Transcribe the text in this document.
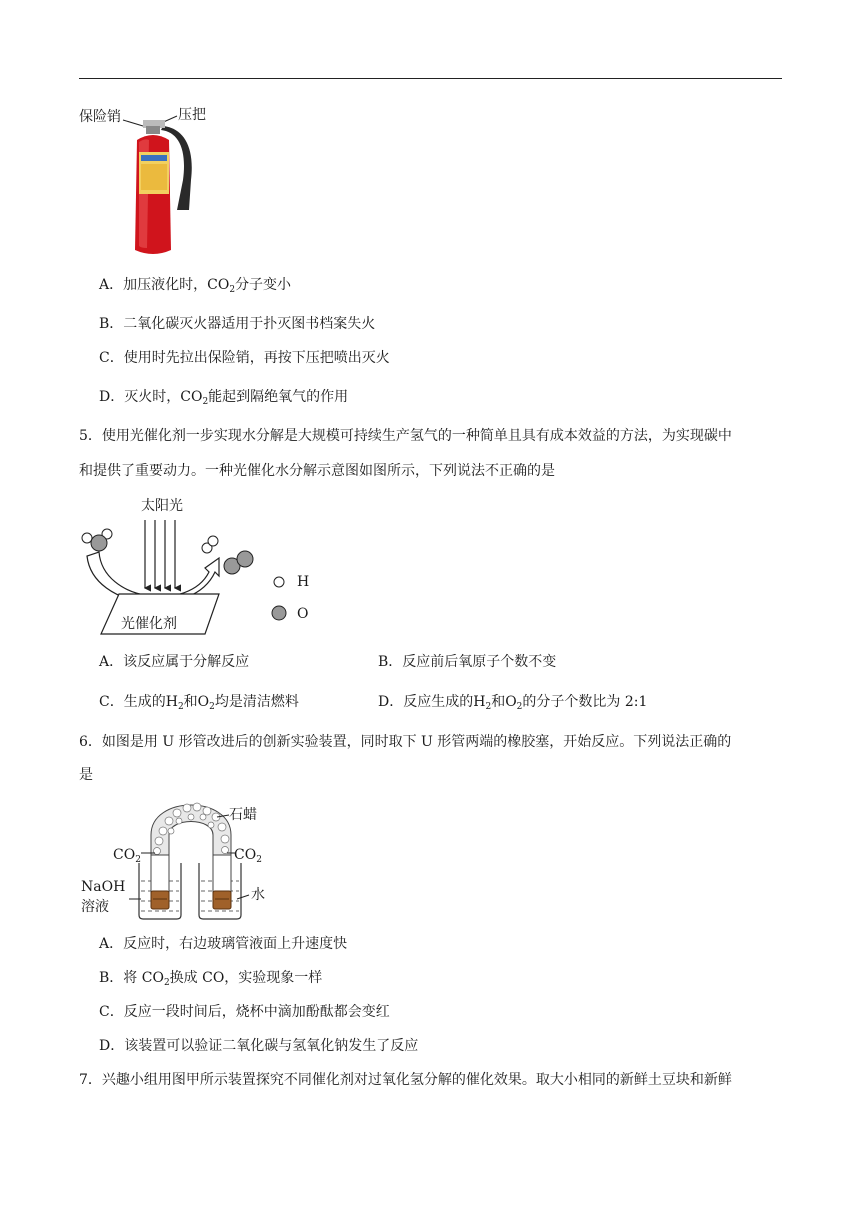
保险销	压把
A．加压液化时，$CO_2$分子变小
B．二氧化碳灭火器适用于扑灭图书档案失火
C．使用时先拉出保险销，再按下压把喷出灭火
D．灭火时，$CO_2$能起到隔绝氧气的作用
5．使用光催化剂一步实现水分解是大规模可持续生产氢气的一种简单且具有成本效益的方法，为实现碳中
和提供了重要动力。一种光催化水分解示意图如图所示，下列说法不正确的是
太阳光
光催化剂
H
O
A．该反应属于分解反应	B．反应前后氧原子个数不变
C．生成的$H_2$和$O_2$均是清洁燃料	D．反应生成的$H_2$和$O_2$的分子个数比为 2:1
6．如图是用 U 形管改进后的创新实验装置，同时取下 U 形管两端的橡胶塞，开始反应。下列说法正确的
是
石蜡
$CO_2$	$CO_2$
NaOH
溶液
水
A．反应时，右边玻璃管液面上升速度快
B．将 $CO_2$换成 CO，实验现象一样
C．反应一段时间后，烧杯中滴加酚酞都会变红
D．该装置可以验证二氧化碳与氢氧化钠发生了反应
7．兴趣小组用图甲所示装置探究不同催化剂对过氧化氢分解的催化效果。取大小相同的新鲜土豆块和新鲜
